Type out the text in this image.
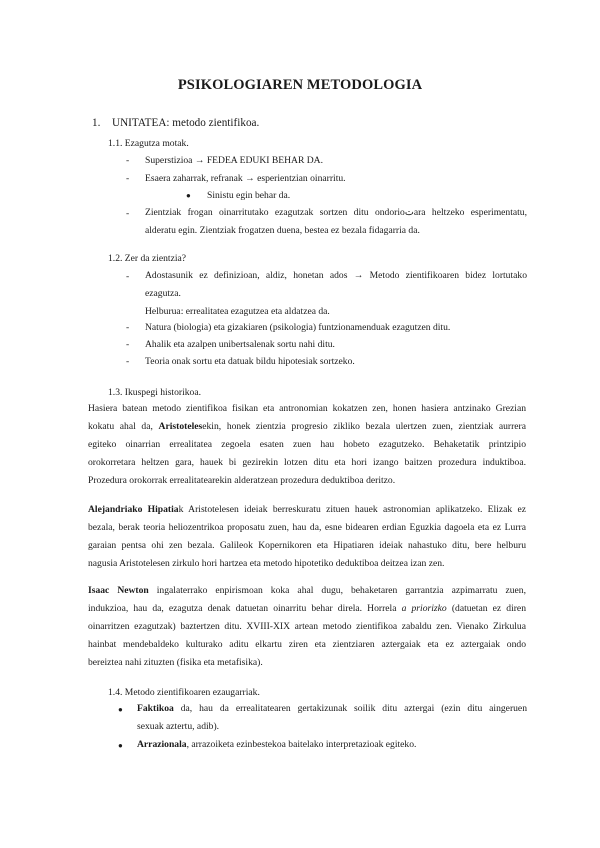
PSIKOLOGIAREN METODOLOGIA
1. UNITATEA: metodo zientifikoa.
1.1. Ezagutza motak.
- Superstizioa → FEDEA EDUKI BEHAR DA.
- Esaera zaharrak, refranak → esperientzian oinarritu.
● Sinistu egin behar da.
- Zientziak frogan oinarritutako ezagutzak sortzen ditu ondorioتara heltzeko esperimentatu,
alderatu egin. Zientziak frogatzen duena, bestea ez bezala fidagarria da.
1.2. Zer da zientzia?
- Adostasunik ez definizioan, aldiz, honetan ados → Metodo zientifikoaren bidez lortutako
ezagutza.
Helburua: errealitatea ezagutzea eta aldatzea da.
- Natura (biologia) eta gizakiaren (psikologia) funtzionamenduak ezagutzen ditu.
- Ahalik eta azalpen unibertsalenak sortu nahi ditu.
- Teoria onak sortu eta datuak bildu hipotesiak sortzeko.
1.3. Ikuspegi historikoa.
Hasiera batean metodo zientifikoa fisikan eta antronomian kokatzen zen, honen hasiera antzinako Grezian
kokatu ahal da, Aristotelesekin, honek zientzia progresio zikliko bezala ulertzen zuen, zientziak aurrera
egiteko oinarrian errealitatea zegoela esaten zuen hau hobeto ezagutzeko. Behaketatik printzipio
orokorretara heltzen gara, hauek bi gezirekin lotzen ditu eta hori izango baitzen prozedura induktiboa.
Prozedura orokorrak errealitatearekin alderatzean prozedura deduktiboa deritzo.
Alejandriako Hipatiak Aristotelesen ideiak berreskuratu zituen hauek astronomian aplikatzeko. Elizak ez
bezala, berak teoria heliozentrikoa proposatu zuen, hau da, esne bidearen erdian Eguzkia dagoela eta ez Lurra
garaian pentsa ohi zen bezala. Galileok Kopernikoren eta Hipatiaren ideiak nahastuko ditu, bere helburu
nagusia Aristotelesen zirkulo hori hartzea eta metodo hipotetiko deduktiboa deitzea izan zen.
Isaac Newton ingalaterrako enpirismoan koka ahal dugu, behaketaren garrantzia azpimarratu zuen,
indukzioa, hau da, ezagutza denak datuetan oinarritu behar direla. Horrela a priorizko (datuetan ez diren
oinarritzen ezagutzak) baztertzen ditu. XVIII-XIX artean metodo zientifikoa zabaldu zen. Vienako Zirkulua
hainbat mendebaldeko kulturako aditu elkartu ziren eta zientziaren aztergaiak eta ez aztergaiak ondo
bereiztea nahi zituzten (fisika eta metafisika).
1.4. Metodo zientifikoaren ezaugarriak.
● Faktikoa da, hau da errealitatearen gertakizunak soilik ditu aztergai (ezin ditu aingeruen
sexuak aztertu, adib).
● Arrazionala, arrazoiketa ezinbestekoa baitelako interpretazioak egiteko.
